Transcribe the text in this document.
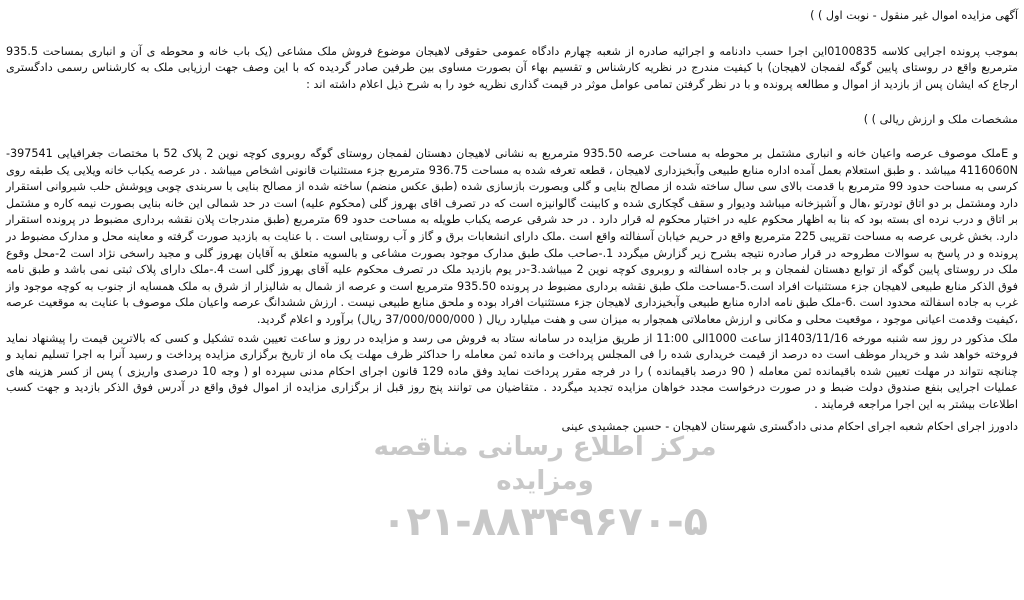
آگهی مزایده اموال غیر منقول - نوبت اول ) )

بموجب پرونده اجرایی کلاسه 0100835این اجرا حسب دادنامه و اجرائیه صادره از شعبه چهارم دادگاه عمومی حقوقی لاهیجان موضوع فروش ملک مشاعی (یک باب خانه و محوطه ی آن و انباری بمساحت 935.5 مترمربع واقع در روستای پایین گوگه لفمجان لاهیجان) با کیفیت مندرج در نظریه کارشناس و تقسیم بهاء آن بصورت مساوی بین طرفین صادر گردیده که با این وصف جهت ارزیابی ملک به کارشناس رسمی دادگستری ارجاع که ایشان پس از بازدید از اموال و مطالعه پرونده و با در نظر گرفتن تمامی عوامل موثر در قیمت گذاری نظریه خود را به شرح ذیل اعلام داشته اند :

مشخصات ملک و ارزش ریالی ) )

و Eملک موصوف عرصه واعیان خانه و انباری مشتمل بر محوطه به مساحت عرصه 935.50 مترمربع به نشانی لاهیجان دهستان لفمجان روستای گوگه روبروی کوچه نوین 2 پلاک 52 با مختصات جغرافیایی 397541- 4116060N میباشد . و طبق استعلام بعمل آمده اداره منابع طبیعی وآبخیزداری لاهیجان ، قطعه تعرفه شده به مساحت 936.75 مترمربع جزء مستثنیات قانونی اشخاص میباشد . در عرصه یکباب خانه ویلایی یک طبقه روی کرسی به مساحت حدود 99 مترمربع با قدمت بالای سی سال ساخته شده از مصالح بنایی و گلی وبصورت بازسازی شده (طبق عکس منضم) ساخته شده از مصالح بنایی با سربندی چوبی وپوشش حلب شیروانی استقرار دارد ومشتمل بر دو اتاق تودرتو ،هال و آشپزخانه میباشد ودیوار و سقف گچکاری شده و کابینت گالوانیزه است که در تصرف اقای بهروز گلی (محکوم علیه) است در حد شمالی این خانه بنایی بصورت نیمه کاره و مشتمل بر اتاق و درب نرده ای بسته بود که بنا به اظهار محکوم علیه در اختیار محکوم له قرار دارد . در حد شرقی عرصه یکباب طویله به مساحت حدود 69 مترمربع (طبق مندرجات پلان نقشه برداری مضبوط در پرونده استقرار دارد. بخش غربی عرصه به مساحت تقریبی 225 مترمربع واقع در حریم خیابان آسفالته واقع است .ملک دارای انشعابات برق و گاز و آب روستایی است . با عنایت به بازدید صورت گرفته و معاینه محل و مدارک مضبوط در پرونده و در پاسخ به سوالات مطروحه در قرار صادره نتیجه بشرح زیر گزارش میگردد 1.-صاحب ملک طبق مدارک موجود بصورت مشاعی و بالسویه متعلق به آقایان بهروز گلی و مجید راسخی نژاد است 2-محل وقوع ملک در روستای پایین گوگه از توابع دهستان لفمجان و بر جاده اسفالته و روبروی کوچه نوین 2 میباشد.3-در یوم بازدید ملک در تصرف محکوم علیه آقای بهروز گلی است 4.-ملک دارای پلاک ثبتی نمی باشد و طبق نامه فوق الذکر منابع طبیعی لاهیجان جزء مستثنیات افراد است.5-مساحت ملک طبق نقشه برداری مضبوط در پرونده 935.50 مترمربع است و عرصه از شمال به شالیزار از شرق به ملک همسایه از جنوب به کوچه موجود واز غرب به جاده اسفالته محدود است .6-ملک طبق نامه اداره منابع طبیعی وآبخیزداری لاهیجان جزء مستثنیات افراد بوده و ملحق منابع طبیعی نیست . ارزش ششدانگ عرصه واعیان ملک موصوف با عنایت به موقعیت عرصه ،کیفیت وقدمت اعیانی موجود ، موقعیت محلی و مکانی و ارزش معاملاتی همجوار به میزان سی و هفت میلیارد ریال ( 37/000/000/000 ریال) برآورد و اعلام گردید.

ملک مذکور در روز سه شنبه مورخه 1403/11/16از ساعت 1000الی 11:00 از طریق مزایده در سامانه ستاد به فروش می رسد و مزایده در روز و ساعت تعیین شده تشکیل و کسی که بالاترین قیمت را پیشنهاد نماید فروخته خواهد شد و خریدار موظف است ده درصد از قیمت خریداری شده را فی المجلس پرداخت و مانده ثمن معامله را حداکثر ظرف مهلت یک ماه از تاریخ برگزاری مزایده پرداخت و رسید آنرا به اجرا تسلیم نماید و چنانچه نتواند در مهلت تعیین شده باقیمانده ثمن معامله ( 90 درصد باقیمانده ) را در فرجه مقرر پرداخت نماید وفق ماده 129 قانون اجرای احکام مدنی سپرده او ( وجه 10 درصدی واریزی ) پس از کسر هزینه های عملیات اجرایی بنفع صندوق دولت ضبط و در صورت درخواست مجدد خواهان مزایده تجدید میگردد . متقاضیان می توانند پنج روز قبل از برگزاری مزایده از اموال فوق واقع در آدرس فوق الذکر بازدید و جهت کسب اطلاعات بیشتر به این اجرا مراجعه فرمایند .

دادورز اجرای احکام شعبه اجرای احکام مدنی دادگستری شهرستان لاهیجان - حسین جمشیدی عینی

مرکز اطلاع رسانی مناقصه ومزایده
۰۲۱-۸۸۳۴۹۶۷۰-۵
